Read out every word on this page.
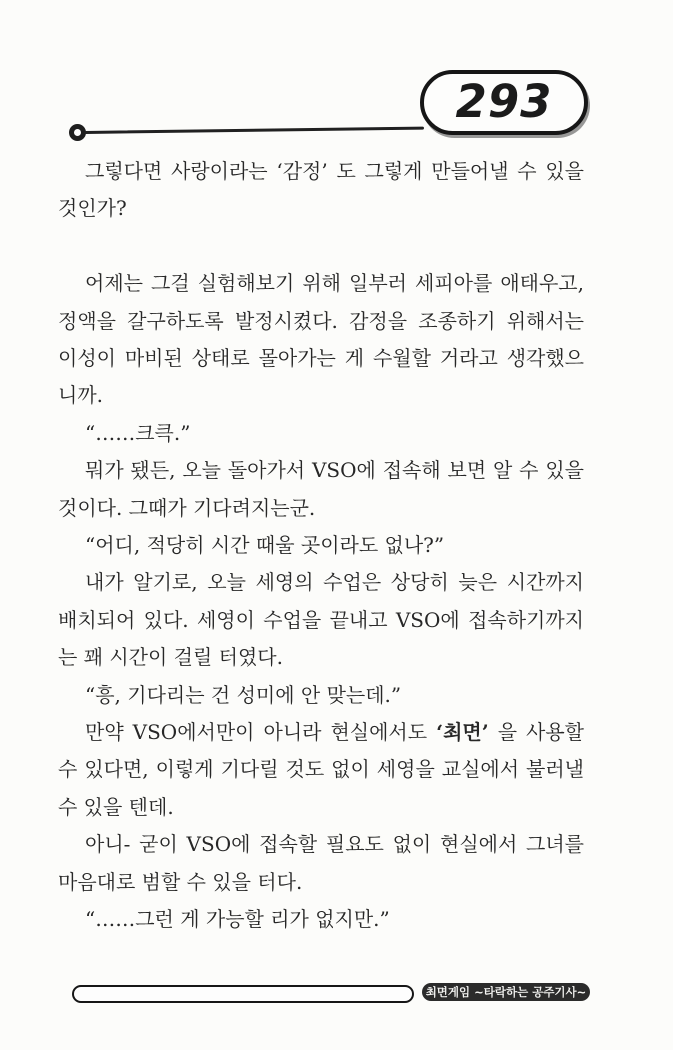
293

그렇다면 사랑이라는 ‘감정’ 도 그렇게 만들어낼 수 있을 것인가?

어제는 그걸 실험해보기 위해 일부러 세피아를 애태우고, 정액을 갈구하도록 발정시켰다. 감정을 조종하기 위해서는 이성이 마비된 상태로 몰아가는 게 수월할 거라고 생각했으니까.

“……크큭.”

뭐가 됐든, 오늘 돌아가서 VSO에 접속해 보면 알 수 있을 것이다. 그때가 기다려지는군.

“어디, 적당히 시간 때울 곳이라도 없나?”

내가 알기로, 오늘 세영의 수업은 상당히 늦은 시간까지 배치되어 있다. 세영이 수업을 끝내고 VSO에 접속하기까지는 꽤 시간이 걸릴 터였다.

“흥, 기다리는 건 성미에 안 맞는데.”

만약 VSO에서만이 아니라 현실에서도 ‘최면’ 을 사용할 수 있다면, 이렇게 기다릴 것도 없이 세영을 교실에서 불러낼 수 있을 텐데.

아니- 굳이 VSO에 접속할 필요도 없이 현실에서 그녀를 마음대로 범할 수 있을 터다.

“……그런 게 가능할 리가 없지만.”

최면게임 ~타락하는 공주기사~
